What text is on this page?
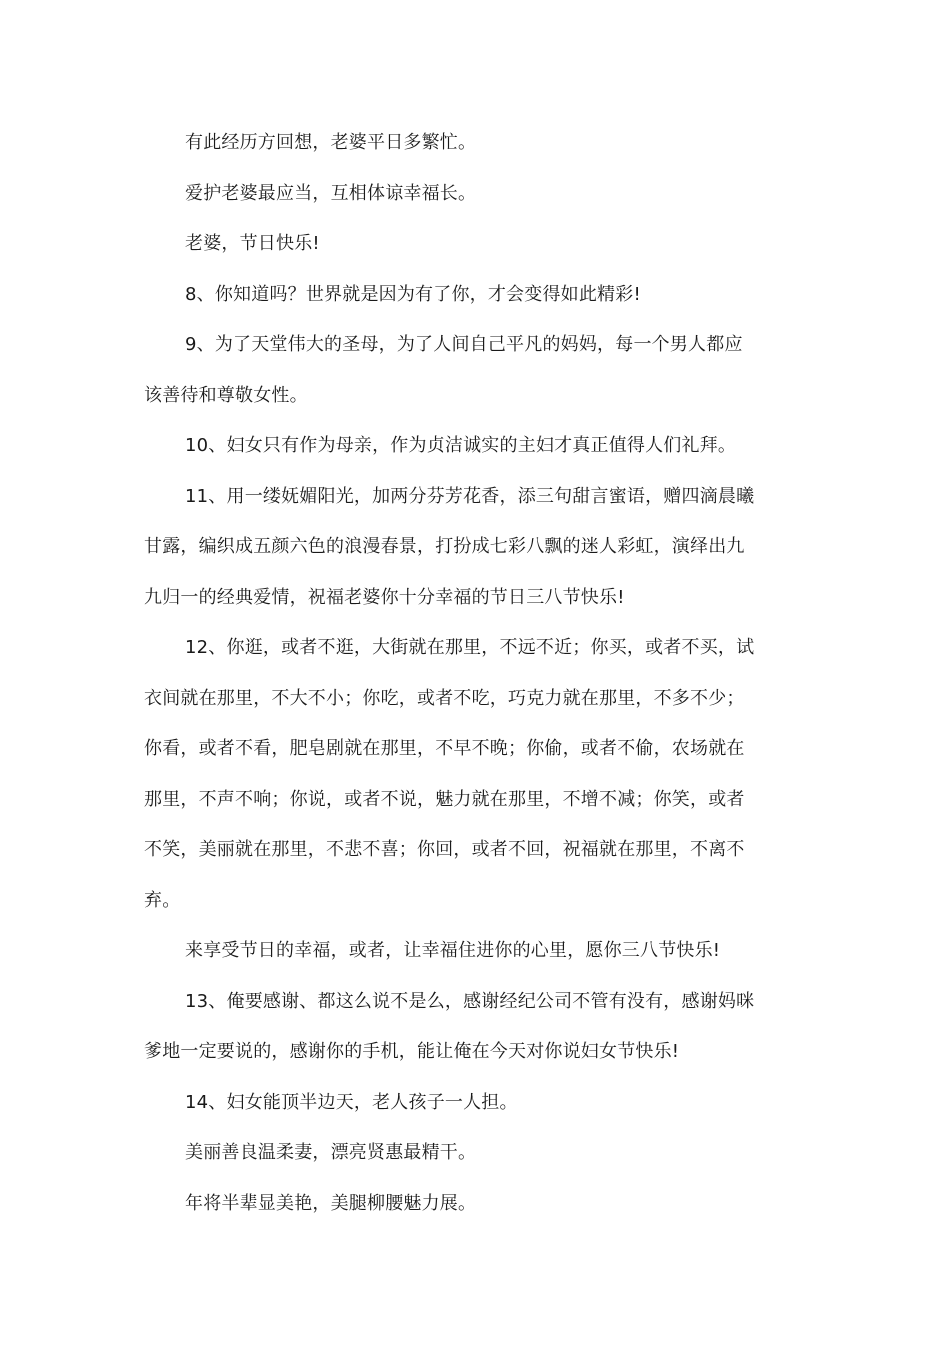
有此经历方回想，老婆平日多繁忙。

爱护老婆最应当，互相体谅幸福长。

老婆，节日快乐!

8、你知道吗？世界就是因为有了你，才会变得如此精彩!

9、为了天堂伟大的圣母，为了人间自己平凡的妈妈，每一个男人都应该善待和尊敬女性。

10、妇女只有作为母亲，作为贞洁诚实的主妇才真正值得人们礼拜。

11、用一缕妩媚阳光，加两分芬芳花香，添三句甜言蜜语，赠四滴晨曦甘露，编织成五颜六色的浪漫春景，打扮成七彩八飘的迷人彩虹，演绎出九九归一的经典爱情，祝福老婆你十分幸福的节日三八节快乐!

12、你逛，或者不逛，大街就在那里，不远不近；你买，或者不买，试衣间就在那里，不大不小；你吃，或者不吃，巧克力就在那里，不多不少；你看，或者不看，肥皂剧就在那里，不早不晚；你偷，或者不偷，农场就在那里，不声不响；你说，或者不说，魅力就在那里，不增不减；你笑，或者不笑，美丽就在那里，不悲不喜；你回，或者不回，祝福就在那里，不离不弃。

来享受节日的幸福，或者，让幸福住进你的心里，愿你三八节快乐!

13、俺要感谢、都这么说不是么，感谢经纪公司不管有没有，感谢妈咪爹地一定要说的，感谢你的手机，能让俺在今天对你说妇女节快乐!

14、妇女能顶半边天，老人孩子一人担。

美丽善良温柔妻，漂亮贤惠最精干。

年将半辈显美艳，美腿柳腰魅力展。
